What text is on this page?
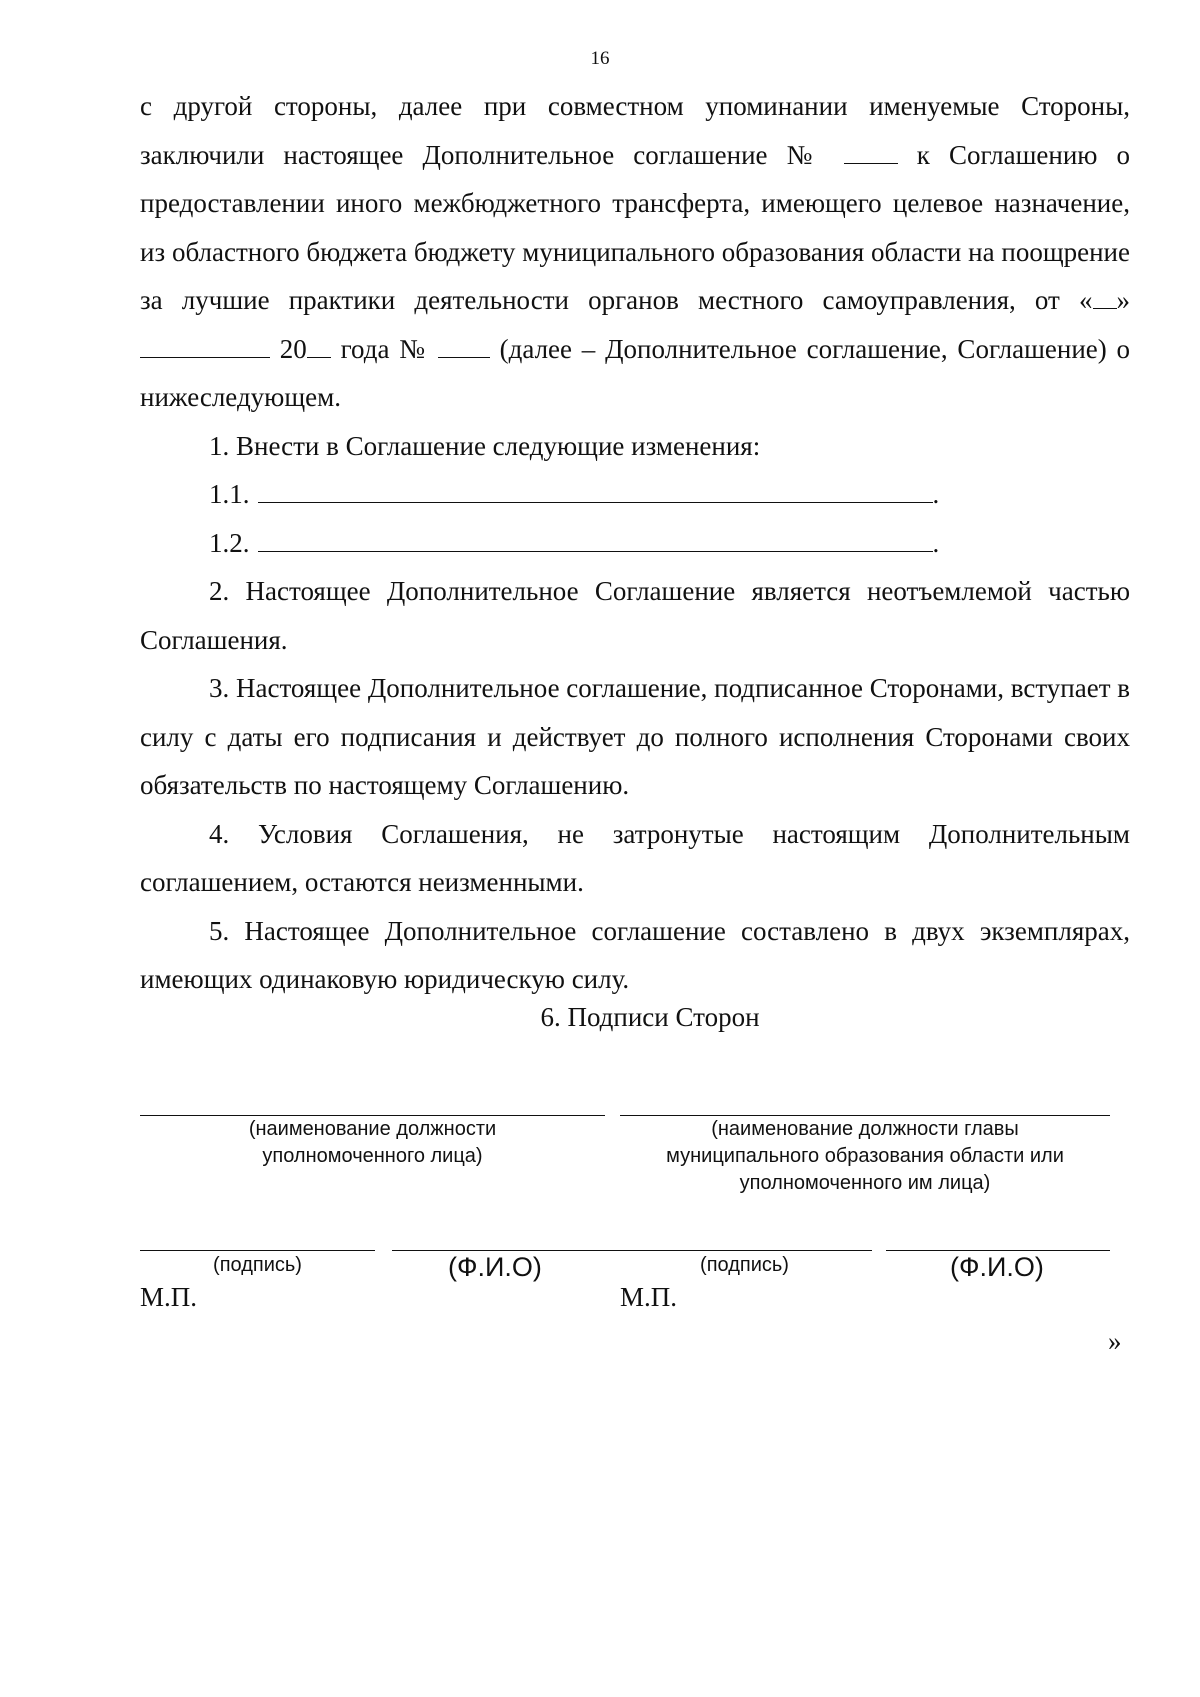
16

с другой стороны, далее при совместном упоминании именуемые Стороны, заключили настоящее Дополнительное соглашение №	к Соглашению о предоставлении иного межбюджетного трансферта, имеющего целевое назначение, из областного бюджета бюджету муниципального образования области на поощрение за лучшие практики деятельности органов местного самоуправления, от « » 20 года №	(далее – Дополнительное соглашение, Соглашение) о нижеследующем.

1. Внести в Соглашение следующие изменения:

1.1.	.

1.2.	.

2. Настоящее Дополнительное Соглашение является неотъемлемой частью Соглашения.

3. Настоящее Дополнительное соглашение, подписанное Сторонами, вступает в силу с даты его подписания и действует до полного исполнения Сторонами своих обязательств по настоящему Соглашению.

4. Условия Соглашения, не затронутые настоящим Дополнительным соглашением, остаются неизменными.

5. Настоящее Дополнительное соглашение составлено в двух экземплярах, имеющих одинаковую юридическую силу.

6. Подписи Сторон
(наименование должности уполномоченного лица)
(наименование должности главы муниципального образования области или уполномоченного им лица)
(подпись)	(Ф.И.О)	(подпись)	(Ф.И.О)
М.П.	М.П.
»
